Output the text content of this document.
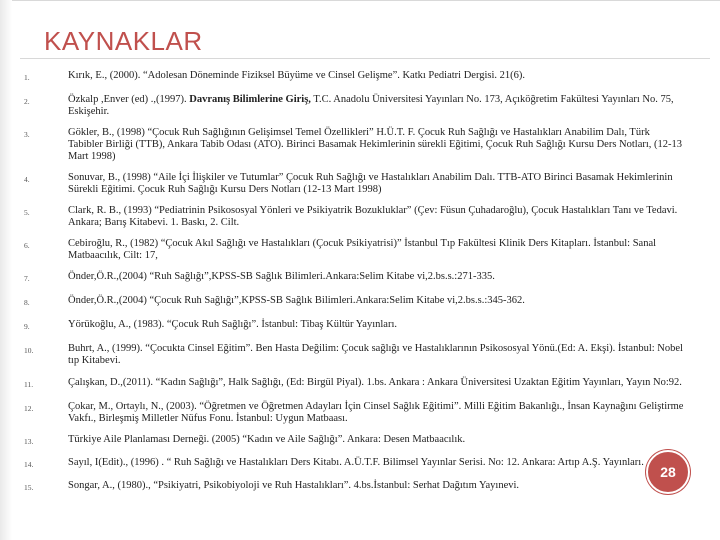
KAYNAKLAR
1.	Kırık, E., (2000). “Adolesan Döneminde Fiziksel Büyüme ve Cinsel Gelişme”. Katkı Pediatri Dergisi. 21(6).
2.	Özkalp ,Enver (ed) .,(1997). Davranış Bilimlerine Giriş, T.C. Anadolu Üniversitesi Yayınları No. 173, Açıköğretim Fakültesi Yayınları No. 75, Eskişehir.
3.	Gökler, B., (1998) “Çocuk Ruh Sağlığının Gelişimsel Temel Özellikleri” H.Ü.T. F. Çocuk Ruh Sağlığı ve Hastalıkları Anabilim Dalı, Türk Tabibler Birliği (TTB), Ankara Tabib Odası (ATO). Birinci Basamak Hekimlerinin sürekli Eğitimi, Çocuk Ruh Sağlığı Kursu Ders Notları, (12-13 Mart 1998)
4.	Sonuvar, B., (1998) “Aile İçi İlişkiler ve Tutumlar” Çocuk Ruh Sağlığı ve Hastalıkları Anabilim Dalı. TTB-ATO Birinci Basamak Hekimlerinin Sürekli Eğitimi. Çocuk Ruh Sağlığı Kursu Ders Notları (12-13 Mart 1998)
5.	Clark, R. B., (1993) “Pediatrinin Psikososyal Yönleri ve Psikiyatrik Bozukluklar” (Çev: Füsun Çuhadaroğlu), Çocuk Hastalıkları Tanı ve Tedavi. Ankara; Barış Kitabevi. 1. Baskı, 2. Cilt.
6.	Cebiroğlu, R., (1982) “Çocuk Akıl Sağlığı ve Hastalıkları (Çocuk Psikiyatrisi)” İstanbul Tıp Fakültesi Klinik Ders Kitapları. İstanbul: Sanal Matbaacılık, Cilt: 17,
7.	Önder,Ö.R.,(2004) “Ruh Sağlığı”,KPSS-SB Sağlık Bilimleri.Ankara:Selim Kitabe vi,2.bs.s.:271-335.
8.	Önder,Ö.R.,(2004) “Çocuk Ruh Sağlığı”,KPSS-SB Sağlık Bilimleri.Ankara:Selim Kitabe vi,2.bs.s.:345-362.
9.	Yörükoğlu, A., (1983). “Çocuk Ruh Sağlığı”. İstanbul: Tibaş Kültür Yayınları.
10.	Buhrt, A., (1999). “Çocukta Cinsel Eğitim”. Ben Hasta Değilim: Çocuk sağlığı ve Hastalıklarının Psikososyal Yönü.(Ed: A. Ekşi). İstanbul: Nobel tıp Kitabevi.
11.	Çalışkan, D.,(2011). “Kadın Sağlığı”, Halk Sağlığı, (Ed: Birgül Piyal). 1.bs. Ankara : Ankara Üniversitesi Uzaktan Eğitim Yayınları, Yayın No:92.
12.	Çokar, M., Ortaylı, N., (2003). “Öğretmen ve Öğretmen Adayları İçin Cinsel Sağlık Eğitimi”. Milli Eğitim Bakanlığı., İnsan Kaynağını Geliştirme Vakfı., Birleşmiş Milletler Nüfus Fonu. İstanbul: Uygun Matbaası.
13.	Türkiye Aile Planlaması Derneği. (2005) “Kadın ve Aile Sağlığı”. Ankara: Desen Matbaacılık.
14.	Sayıl, I(Edit)., (1996) . “ Ruh Sağlığı ve Hastalıkları Ders Kitabı. A.Ü.T.F. Bilimsel Yayınlar Serisi. No: 12. Ankara: Artıp A.Ş. Yayınları.
15.	Songar, A., (1980)., “Psikiyatri, Psikobiyoloji ve Ruh Hastalıkları”. 4.bs.İstanbul: Serhat Dağıtım Yayınevi.
28
